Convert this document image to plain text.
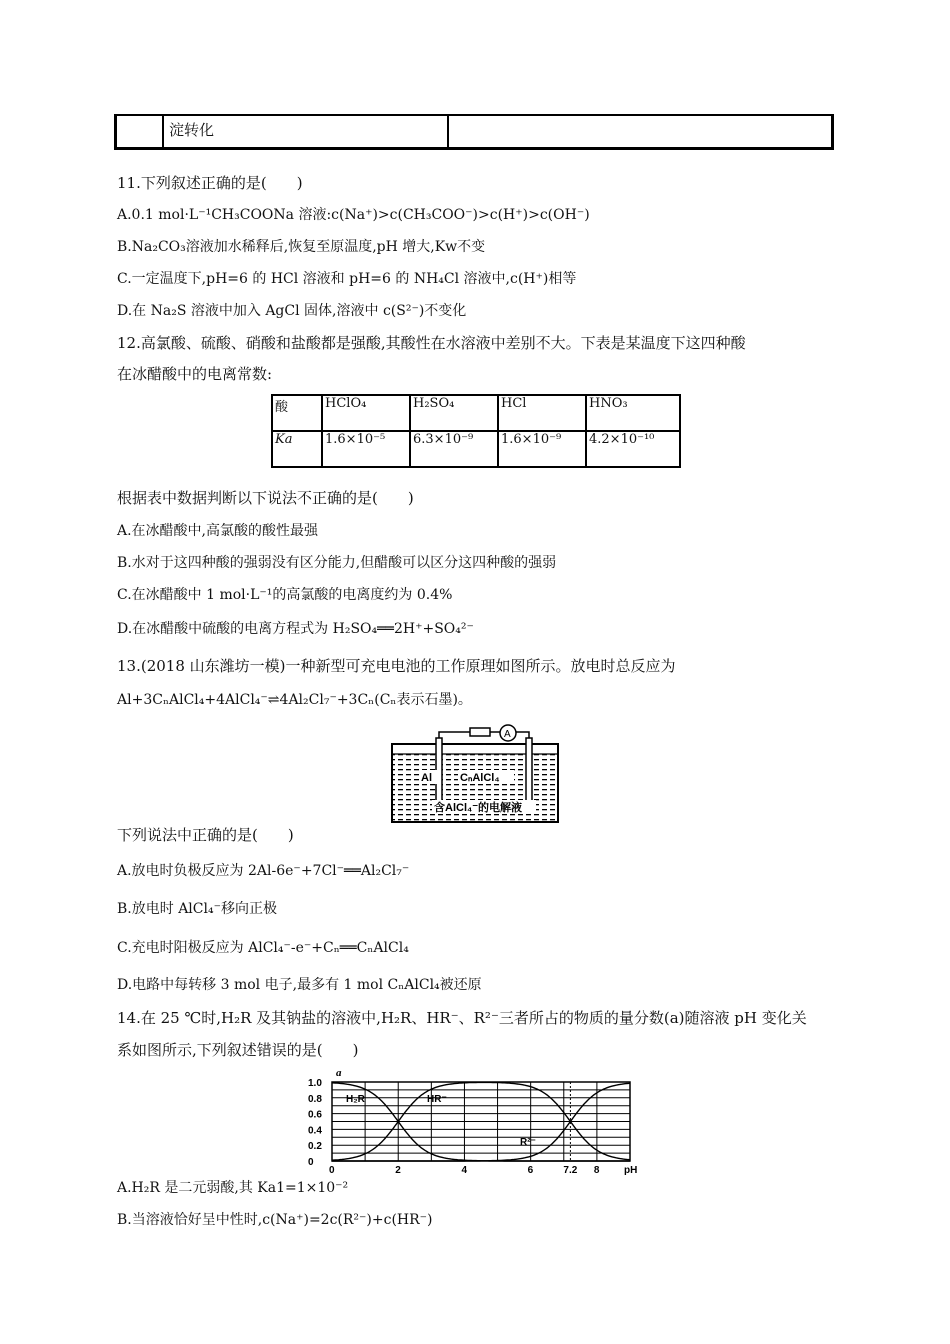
淀转化
11.下列叙述正确的是(　　)
A.0.1 mol·L⁻¹CH₃COONa 溶液:c(Na⁺)>c(CH₃COO⁻)>c(H⁺)>c(OH⁻)
B.Na₂CO₃溶液加水稀释后,恢复至原温度,pH 增大,Kw不变
C.一定温度下,pH=6 的 HCl 溶液和 pH=6 的 NH₄Cl 溶液中,c(H⁺)相等
D.在 Na₂S 溶液中加入 AgCl 固体,溶液中 c(S²⁻)不变化
12.高氯酸、硫酸、硝酸和盐酸都是强酸,其酸性在水溶液中差别不大。下表是某温度下这四种酸
在冰醋酸中的电离常数:
酸	HClO₄	H₂SO₄	HCl	HNO₃
Ka	1.6×10⁻⁵	6.3×10⁻⁹	1.6×10⁻⁹	4.2×10⁻¹⁰
根据表中数据判断以下说法不正确的是(　　)
A.在冰醋酸中,高氯酸的酸性最强
B.水对于这四种酸的强弱没有区分能力,但醋酸可以区分这四种酸的强弱
C.在冰醋酸中 1 mol·L⁻¹的高氯酸的电离度约为 0.4%
D.在冰醋酸中硫酸的电离方程式为 H₂SO₄══2H⁺+SO₄²⁻
13.(2018 山东潍坊一模)一种新型可充电电池的工作原理如图所示。放电时总反应为
Al+3CₙAlCl₄+4AlCl₄⁻⇌4Al₂Cl₇⁻+3Cₙ(Cₙ表示石墨)。
A
Al	CₙAlCl₄
含AlCl₄⁻的电解液
下列说法中正确的是(　　)
A.放电时负极反应为 2Al-6e⁻+7Cl⁻══Al₂Cl₇⁻
B.放电时 AlCl₄⁻移向正极
C.充电时阳极反应为 AlCl₄⁻-e⁻+Cₙ══CₙAlCl₄
D.电路中每转移 3 mol 电子,最多有 1 mol CₙAlCl₄被还原
14.在 25 ℃时,H₂R 及其钠盐的溶液中,H₂R、HR⁻、R²⁻三者所占的物质的量分数(a)随溶液 pH 变化关
系如图所示,下列叙述错误的是(　　)
1.0
0.8
0.6
0.4
0.2
0
0	2	4	6	7.2 8
a
pH
H₂R	HR⁻
R²⁻
A.H₂R 是二元弱酸,其 Ka1=1×10⁻²
B.当溶液恰好呈中性时,c(Na⁺)=2c(R²⁻)+c(HR⁻)
